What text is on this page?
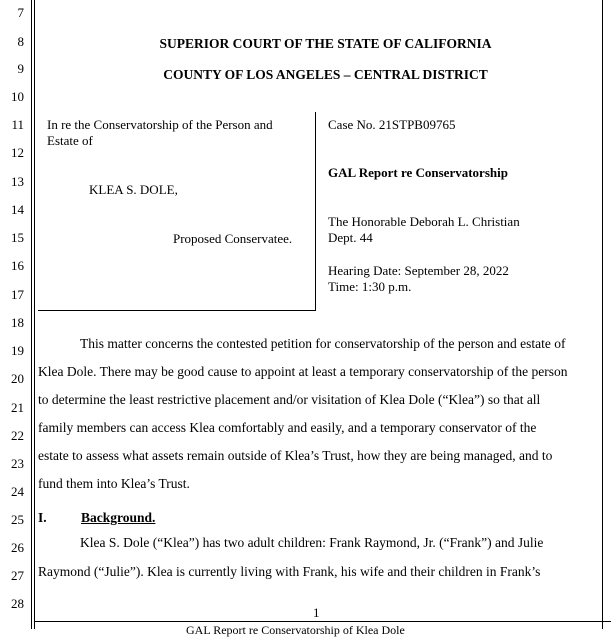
7
8
9
10
11
12
13
14
15
16
17
18
19
20
21
22
23
24
25
26
27
28
SUPERIOR COURT OF THE STATE OF CALIFORNIA
COUNTY OF LOS ANGELES – CENTRAL DISTRICT
In re the Conservatorship of the Person and
Estate of
KLEA S. DOLE,
Proposed Conservatee.
Case No. 21STPB09765
GAL Report re Conservatorship
The Honorable Deborah L. Christian
Dept. 44
Hearing Date: September 28, 2022
Time: 1:30 p.m.
This matter concerns the contested petition for conservatorship of the person and estate of
Klea Dole. There may be good cause to appoint at least a temporary conservatorship of the person
to determine the least restrictive placement and/or visitation of Klea Dole (“Klea”) so that all
family members can access Klea comfortably and easily, and a temporary conservator of the
estate to assess what assets remain outside of Klea’s Trust, how they are being managed, and to
fund them into Klea’s Trust.
I.	Background.
Klea S. Dole (“Klea”) has two adult children: Frank Raymond, Jr. (“Frank”) and Julie
Raymond (“Julie”). Klea is currently living with Frank, his wife and their children in Frank’s
1
GAL Report re Conservatorship of Klea Dole
